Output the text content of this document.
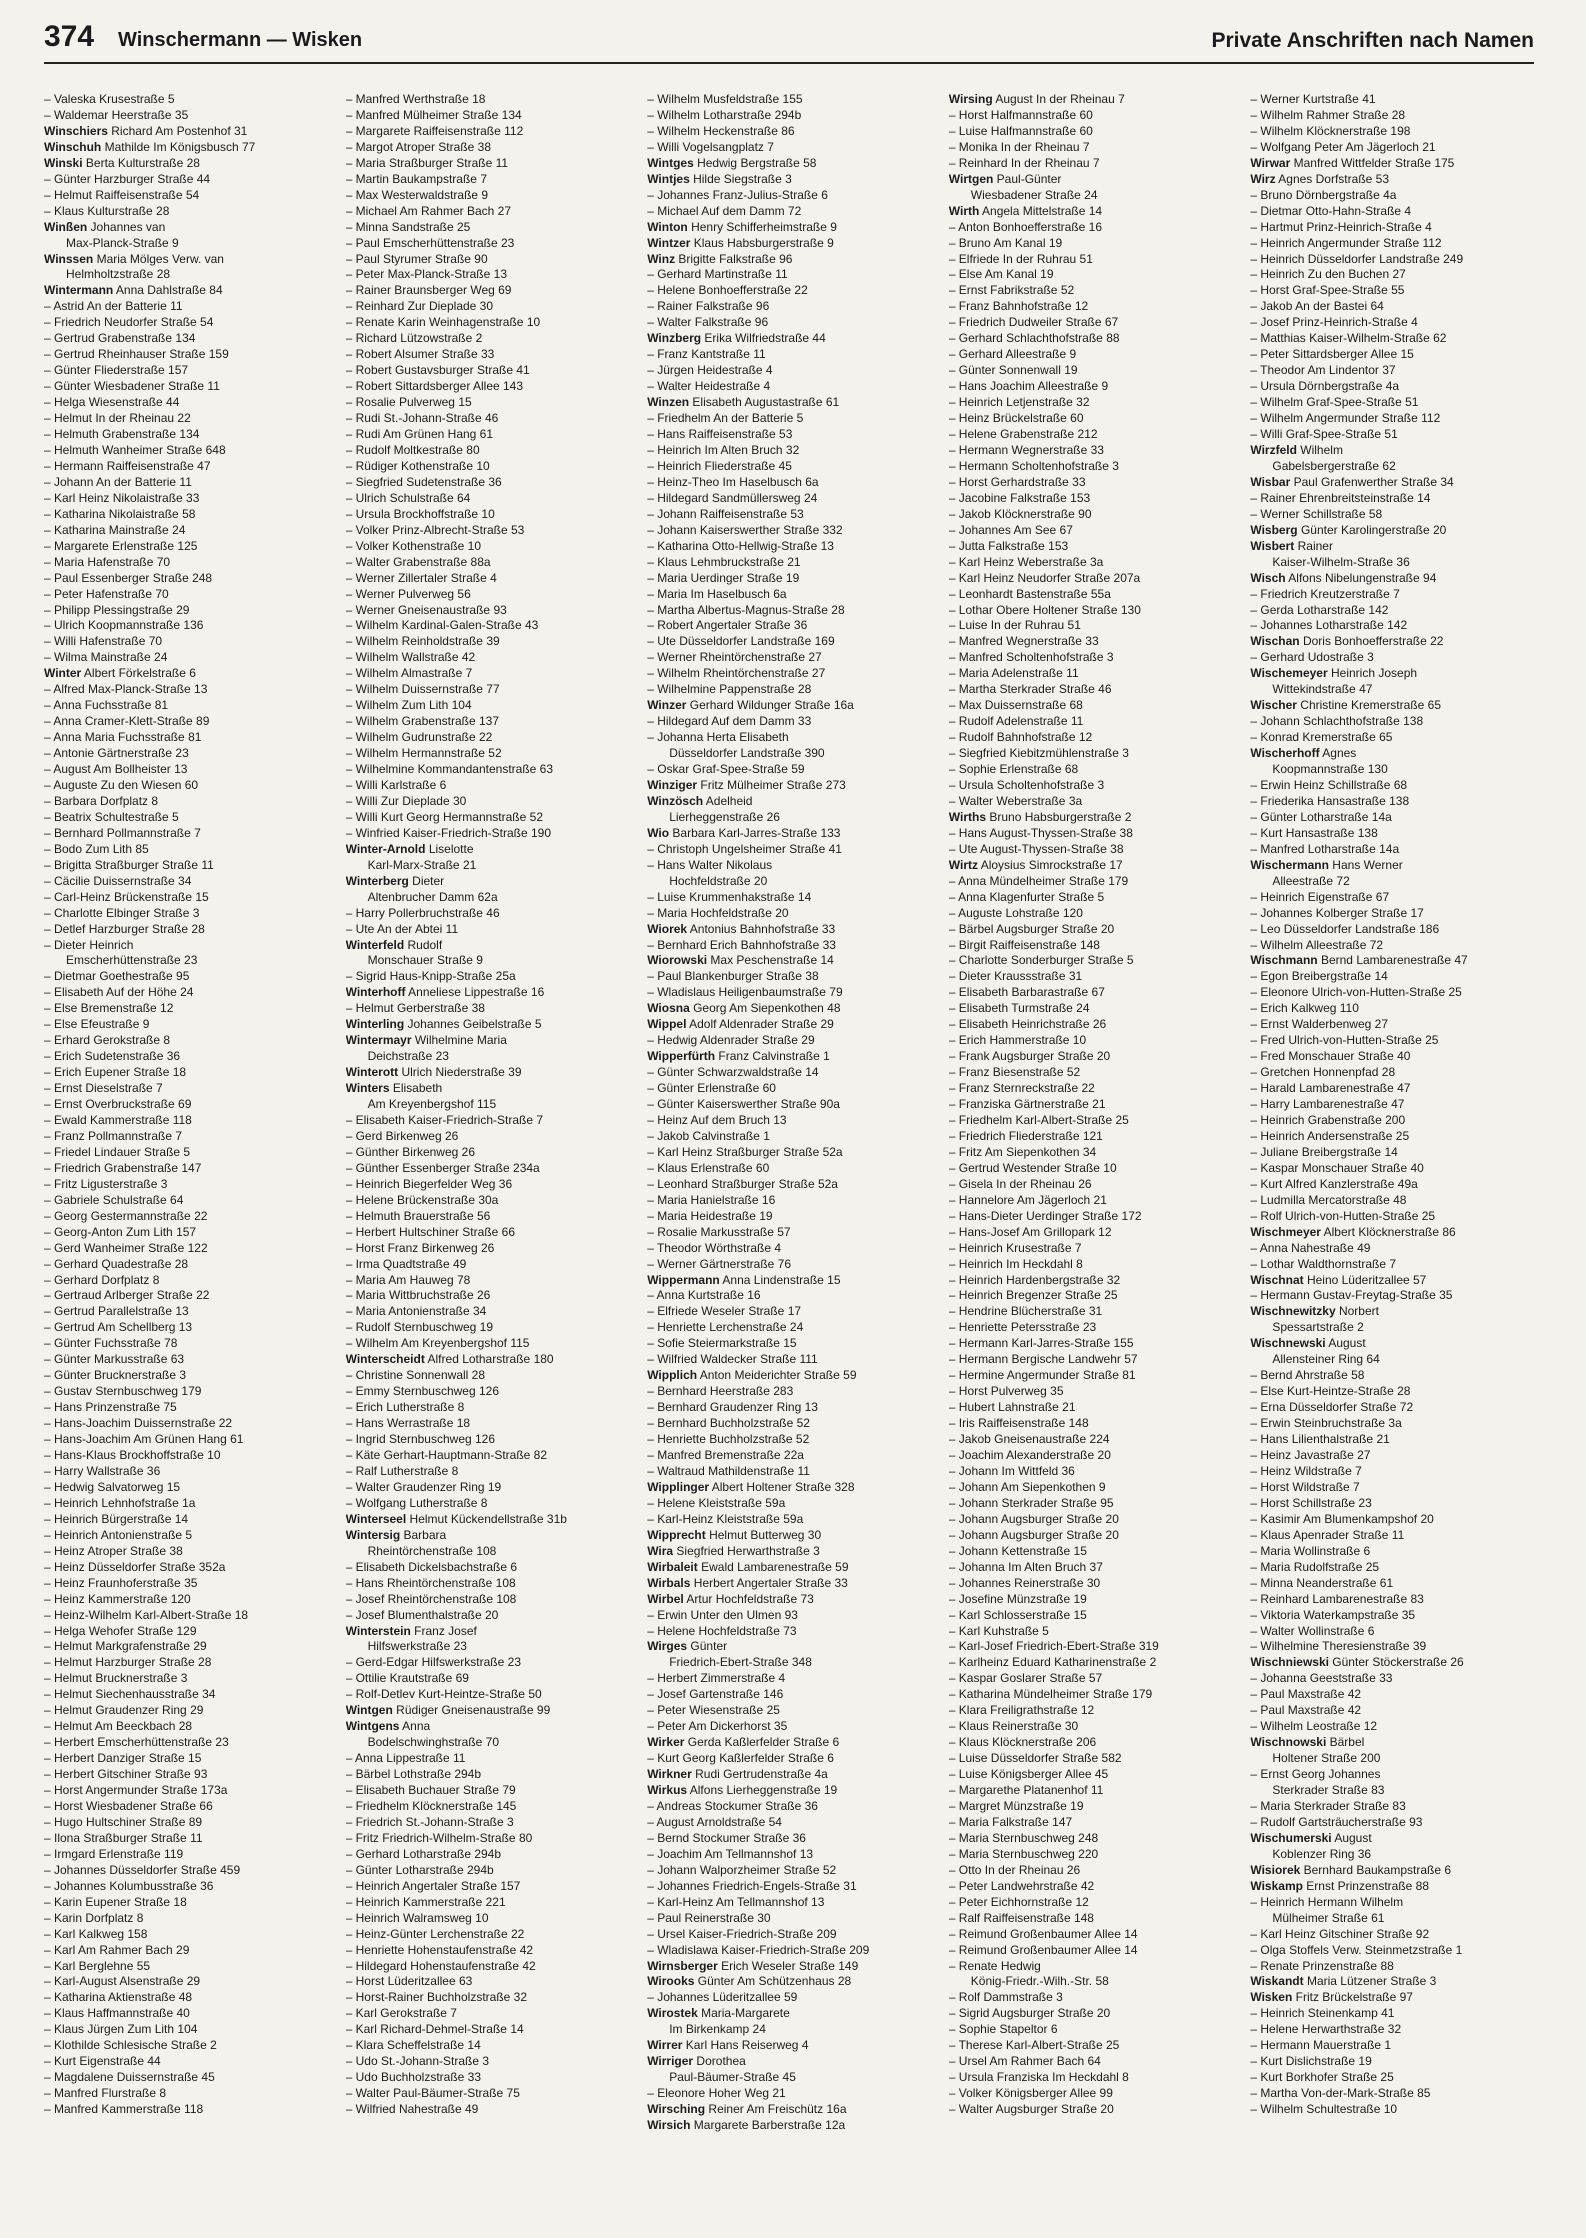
374 Winschermann — Wisken	Private Anschriften nach Namen
– Valeska Krusestraße 5
– Waldemar Heerstraße 35
Winschiers Richard Am Postenhof 31
Winschuh Mathilde Im Königsbusch 77
Winski Berta Kulturstraße 28
– Günter Harzburger Straße 44
– Helmut Raiffeisenstraße 54
– Klaus Kulturstraße 28
Winßen Johannes van
Max-Planck-Straße 9
Winssen Maria Mölges Verw. van
Helmholtzstraße 28
Wintermann Anna Dahlstraße 84
– Astrid An der Batterie 11
– Friedrich Neudorfer Straße 54
– Gertrud Grabenstraße 134
– Gertrud Rheinhauser Straße 159
– Günter Fliederstraße 157
– Günter Wiesbadener Straße 11
– Helga Wiesenstraße 44
– Helmut In der Rheinau 22
– Helmuth Grabenstraße 134
– Helmuth Wanheimer Straße 648
– Hermann Raiffeisenstraße 47
– Johann An der Batterie 11
– Karl Heinz Nikolaistraße 33
– Katharina Nikolaistraße 58
– Katharina Mainstraße 24
– Margarete Erlenstraße 125
– Maria Hafenstraße 70
– Paul Essenberger Straße 248
– Peter Hafenstraße 70
– Philipp Plessingstraße 29
– Ulrich Koopmannstraße 136
– Willi Hafenstraße 70
– Wilma Mainstraße 24
Winter Albert Förkelstraße 6
– Alfred Max-Planck-Straße 13
– Anna Fuchsstraße 81
– Anna Cramer-Klett-Straße 89
– Anna Maria Fuchsstraße 81
– Antonie Gärtnerstraße 23
– August Am Bollheister 13
– Auguste Zu den Wiesen 60
– Barbara Dorfplatz 8
– Beatrix Schultestraße 5
– Bernhard Pollmannstraße 7
– Bodo Zum Lith 85
– Brigitta Straßburger Straße 11
– Cäcilie Duissernstraße 34
– Carl-Heinz Brückenstraße 15
– Charlotte Elbinger Straße 3
– Detlef Harzburger Straße 28
– Dieter Heinrich
Emscherhüttenstraße 23
– Dietmar Goethestraße 95
– Elisabeth Auf der Höhe 24
– Else Bremenstraße 12
– Else Efeustraße 9
– Erhard Gerokstraße 8
– Erich Sudetenstraße 36
– Erich Eupener Straße 18
– Ernst Dieselstraße 7
– Ernst Overbruckstraße 69
– Ewald Kammerstraße 118
– Franz Pollmannstraße 7
– Friedel Lindauer Straße 5
– Friedrich Grabenstraße 147
– Fritz Ligusterstraße 3
– Gabriele Schulstraße 64
– Georg Gestermannstraße 22
– Georg-Anton Zum Lith 157
– Gerd Wanheimer Straße 122
– Gerhard Quadestraße 28
– Gerhard Dorfplatz 8
– Gertraud Arlberger Straße 22
– Gertrud Parallelstraße 13
– Gertrud Am Schellberg 13
– Günter Fuchsstraße 78
– Günter Markusstraße 63
– Günter Brucknerstraße 3
– Gustav Sternbuschweg 179
– Hans Prinzenstraße 75
– Hans-Joachim Duissernstraße 22
– Hans-Joachim Am Grünen Hang 61
– Hans-Klaus Brockhoffstraße 10
– Harry Wallstraße 36
– Hedwig Salvatorweg 15
– Heinrich Lehnhofstraße 1a
– Heinrich Bürgerstraße 14
– Heinrich Antonienstraße 5
– Heinz Atroper Straße 38
– Heinz Düsseldorfer Straße 352a
– Heinz Fraunhoferstraße 35
– Heinz Kammerstraße 120
– Heinz-Wilhelm Karl-Albert-Straße 18
– Helga Wehofer Straße 129
– Helmut Markgrafenstraße 29
– Helmut Harzburger Straße 28
– Helmut Brucknerstraße 3
– Helmut Siechenhausstraße 34
– Helmut Graudenzer Ring 29
– Helmut Am Beeckbach 28
– Herbert Emscherhüttenstraße 23
– Herbert Danziger Straße 15
– Herbert Gitschiner Straße 93
– Horst Angermunder Straße 173a
– Horst Wiesbadener Straße 66
– Hugo Hultschiner Straße 89
– Ilona Straßburger Straße 11
– Irmgard Erlenstraße 119
– Johannes Düsseldorfer Straße 459
– Johannes Kolumbusstraße 36
– Karin Eupener Straße 18
– Karin Dorfplatz 8
– Karl Kalkweg 158
– Karl Am Rahmer Bach 29
– Karl Berglehne 55
– Karl-August Alsenstraße 29
– Katharina Aktienstraße 48
– Klaus Haffmannstraße 40
– Klaus Jürgen Zum Lith 104
– Klothilde Schlesische Straße 2
– Kurt Eigenstraße 44
– Magdalene Duissernstraße 45
– Manfred Flurstraße 8
– Manfred Kammerstraße 118
– Manfred Werthstraße 18
– Manfred Mülheimer Straße 134
– Margarete Raiffeisenstraße 112
– Margot Atroper Straße 38
– Maria Straßburger Straße 11
– Martin Baukampstraße 7
– Max Westerwaldstraße 9
– Michael Am Rahmer Bach 27
– Minna Sandstraße 25
– Paul Emscherhüttenstraße 23
– Paul Styrumer Straße 90
– Peter Max-Planck-Straße 13
– Rainer Braunsberger Weg 69
– Reinhard Zur Dieplade 30
– Renate Karin Weinhagenstraße 10
– Richard Lützowstraße 2
– Robert Alsumer Straße 33
– Robert Gustavsburger Straße 41
– Robert Sittardsberger Allee 143
– Rosalie Pulverweg 15
– Rudi St.-Johann-Straße 46
– Rudi Am Grünen Hang 61
– Rudolf Moltkestraße 80
– Rüdiger Kothenstraße 10
– Siegfried Sudetenstraße 36
– Ulrich Schulstraße 64
– Ursula Brockhoffstraße 10
– Volker Prinz-Albrecht-Straße 53
– Volker Kothenstraße 10
– Walter Grabenstraße 88a
– Werner Zillertaler Straße 4
– Werner Pulverweg 56
– Werner Gneisenaustraße 93
– Wilhelm Kardinal-Galen-Straße 43
– Wilhelm Reinholdstraße 39
– Wilhelm Wallstraße 42
– Wilhelm Almastraße 7
– Wilhelm Duissernstraße 77
– Wilhelm Zum Lith 104
– Wilhelm Grabenstraße 137
– Wilhelm Gudrunstraße 22
– Wilhelm Hermannstraße 52
– Wilhelmine Kommandantenstraße 63
– Willi Karlstraße 6
– Willi Zur Dieplade 30
– Willi Kurt Georg Hermannstraße 52
– Winfried Kaiser-Friedrich-Straße 190
Winter-Arnold Liselotte
Karl-Marx-Straße 21
Winterberg Dieter
Altenbrucher Damm 62a
– Harry Pollerbruchstraße 46
– Ute An der Abtei 11
Winterfeld Rudolf
Monschauer Straße 9
– Sigrid Haus-Knipp-Straße 25a
Winterhoff Anneliese Lippestraße 16
– Helmut Gerberstraße 38
Winterling Johannes Geibelstraße 5
Wintermayr Wilhelmine Maria
Deichstraße 23
Winterott Ulrich Niederstraße 39
Winters Elisabeth
Am Kreyenbergshof 115
– Elisabeth Kaiser-Friedrich-Straße 7
– Gerd Birkenweg 26
– Günther Birkenweg 26
– Günther Essenberger Straße 234a
– Heinrich Biegerfelder Weg 36
– Helene Brückenstraße 30a
– Helmuth Brauerstraße 56
– Herbert Hultschiner Straße 66
– Horst Franz Birkenweg 26
– Irma Quadtstraße 49
– Maria Am Hauweg 78
– Maria Wittbruchstraße 26
– Maria Antonienstraße 34
– Rudolf Sternbuschweg 19
– Wilhelm Am Kreyenbergshof 115
Winterscheidt Alfred Lotharstraße 180
– Christine Sonnenwall 28
– Emmy Sternbuschweg 126
– Erich Lutherstraße 8
– Hans Werrastraße 18
– Ingrid Sternbuschweg 126
– Käte Gerhart-Hauptmann-Straße 82
– Ralf Lutherstraße 8
– Walter Graudenzer Ring 19
– Wolfgang Lutherstraße 8
Winterseel Helmut Kückendellstraße 31b
Wintersig Barbara
Rheintörchenstraße 108
– Elisabeth Dickelsbachstraße 6
– Hans Rheintörchenstraße 108
– Josef Rheintörchenstraße 108
– Josef Blumenthalstraße 20
Winterstein Franz Josef
Hilfswerkstraße 23
– Gerd-Edgar Hilfswerkstraße 23
– Ottilie Krautstraße 69
– Rolf-Detlev Kurt-Heintze-Straße 50
Wintgen Rüdiger Gneisenaustraße 99
Wintgens Anna
Bodelschwinghstraße 70
– Anna Lippestraße 11
– Bärbel Lothstraße 294b
– Elisabeth Buchauer Straße 79
– Friedhelm Klöcknerstraße 145
– Friedrich St.-Johann-Straße 3
– Fritz Friedrich-Wilhelm-Straße 80
– Gerhard Lotharstraße 294b
– Günter Lotharstraße 294b
– Heinrich Angertaler Straße 157
– Heinrich Kammerstraße 221
– Heinrich Walramsweg 10
– Heinz-Günter Lerchenstraße 22
– Henriette Hohenstaufenstraße 42
– Hildegard Hohenstaufenstraße 42
– Horst Lüderitzallee 63
– Horst-Rainer Buchholzstraße 32
– Karl Gerokstraße 7
– Karl Richard-Dehmel-Straße 14
– Klara Scheffelstraße 14
– Udo St.-Johann-Straße 3
– Udo Buchholzstraße 33
– Walter Paul-Bäumer-Straße 75
– Wilfried Nahestraße 49
– Wilhelm Musfeldstraße 155
– Wilhelm Lotharstraße 294b
– Wilhelm Heckenstraße 86
– Willi Vogelsangplatz 7
Wintges Hedwig Bergstraße 58
Wintjes Hilde Siegstraße 3
– Johannes Franz-Julius-Straße 6
– Michael Auf dem Damm 72
Winton Henry Schifferheimstraße 9
Wintzer Klaus Habsburgerstraße 9
Winz Brigitte Falkstraße 96
– Gerhard Martinstraße 11
– Helene Bonhoefferstraße 22
– Rainer Falkstraße 96
– Walter Falkstraße 96
Winzberg Erika Wilfriedstraße 44
– Franz Kantstraße 11
– Jürgen Heidestraße 4
– Walter Heidestraße 4
Winzen Elisabeth Augustastraße 61
– Friedhelm An der Batterie 5
– Hans Raiffeisenstraße 53
– Heinrich Im Alten Bruch 32
– Heinrich Fliederstraße 45
– Heinz-Theo Im Haselbusch 6a
– Hildegard Sandmüllersweg 24
– Johann Raiffeisenstraße 53
– Johann Kaiserswerther Straße 332
– Katharina Otto-Hellwig-Straße 13
– Klaus Lehmbruckstraße 21
– Maria Uerdinger Straße 19
– Maria Im Haselbusch 6a
– Martha Albertus-Magnus-Straße 28
– Robert Angertaler Straße 36
– Ute Düsseldorfer Landstraße 169
– Werner Rheintörchenstraße 27
– Wilhelm Rheintörchenstraße 27
– Wilhelmine Pappenstraße 28
Winzer Gerhard Wildunger Straße 16a
– Hildegard Auf dem Damm 33
– Johanna Herta Elisabeth
Düsseldorfer Landstraße 390
– Oskar Graf-Spee-Straße 59
Winziger Fritz Mülheimer Straße 273
Winzösch Adelheid
Lierheggenstraße 26
Wio Barbara Karl-Jarres-Straße 133
– Christoph Ungelsheimer Straße 41
– Hans Walter Nikolaus
Hochfeldstraße 20
– Luise Krummenhakstraße 14
– Maria Hochfeldstraße 20
Wiorek Antonius Bahnhofstraße 33
– Bernhard Erich Bahnhofstraße 33
Wiorowski Max Peschenstraße 14
– Paul Blankenburger Straße 38
– Wladislaus Heiligenbaumstraße 79
Wiosna Georg Am Siepenkothen 48
Wippel Adolf Aldenrader Straße 29
– Hedwig Aldenrader Straße 29
Wipperfürth Franz Calvinstraße 1
– Günter Schwarzwaldstraße 14
– Günter Erlenstraße 60
– Günter Kaiserswerther Straße 90a
– Heinz Auf dem Bruch 13
– Jakob Calvinstraße 1
– Karl Heinz Straßburger Straße 52a
– Klaus Erlenstraße 60
– Leonhard Straßburger Straße 52a
– Maria Hanielstraße 16
– Maria Heidestraße 19
– Rosalie Markusstraße 57
– Theodor Wörthstraße 4
– Werner Gärtnerstraße 76
Wippermann Anna Lindenstraße 15
– Anna Kurtstraße 16
– Elfriede Weseler Straße 17
– Henriette Lerchenstraße 24
– Sofie Steiermarkstraße 15
– Wilfried Waldecker Straße 111
Wipplich Anton Meiderichter Straße 59
– Bernhard Heerstraße 283
– Bernhard Graudenzer Ring 13
– Bernhard Buchholzstraße 52
– Henriette Buchholzstraße 52
– Manfred Bremenstraße 22a
– Waltraud Mathildenstraße 11
Wipplinger Albert Holtener Straße 328
– Helene Kleiststraße 59a
– Karl-Heinz Kleiststraße 59a
Wipprecht Helmut Butterweg 30
Wira Siegfried Herwarthstraße 3
Wirbaleit Ewald Lambarenestraße 59
Wirbals Herbert Angertaler Straße 33
Wirbel Artur Hochfeldstraße 73
– Erwin Unter den Ulmen 93
– Helene Hochfeldstraße 73
Wirges Günter
Friedrich-Ebert-Straße 348
– Herbert Zimmerstraße 4
– Josef Gartenstraße 146
– Peter Wiesenstraße 25
– Peter Am Dickerhorst 35
Wirker Gerda Kaßlerfelder Straße 6
– Kurt Georg Kaßlerfelder Straße 6
Wirkner Rudi Gertrudenstraße 4a
Wirkus Alfons Lierheggenstraße 19
– Andreas Stockumer Straße 36
– August Arnoldstraße 54
– Bernd Stockumer Straße 36
– Joachim Am Tellmannshof 13
– Johann Walporzheimer Straße 52
– Johannes Friedrich-Engels-Straße 31
– Karl-Heinz Am Tellmannshof 13
– Paul Reinerstraße 30
– Ursel Kaiser-Friedrich-Straße 209
– Wladislawa Kaiser-Friedrich-Straße 209
Wirnsberger Erich Weseler Straße 149
Wirooks Günter Am Schützenhaus 28
– Johannes Lüderitzallee 59
Wirostek Maria-Margarete
Im Birkenkamp 24
Wirrer Karl Hans Reiserweg 4
Wirriger Dorothea
Paul-Bäumer-Straße 45
– Eleonore Hoher Weg 21
Wirsching Reiner Am Freischütz 16a
Wirsich Margarete Barberstraße 12a
Wirsing August In der Rheinau 7
– Horst Halfmannstraße 60
– Luise Halfmannstraße 60
– Monika In der Rheinau 7
– Reinhard In der Rheinau 7
Wirtgen Paul-Günter
Wiesbadener Straße 24
Wirth Angela Mittelstraße 14
– Anton Bonhoefferstraße 16
– Bruno Am Kanal 19
– Elfriede In der Ruhrau 51
– Else Am Kanal 19
– Ernst Fabrikstraße 52
– Franz Bahnhofstraße 12
– Friedrich Dudweiler Straße 67
– Gerhard Schlachthofstraße 88
– Gerhard Alleestraße 9
– Günter Sonnenwall 19
– Hans Joachim Alleestraße 9
– Heinrich Letjenstraße 32
– Heinz Brückelstraße 60
– Helene Grabenstraße 212
– Hermann Wegnerstraße 33
– Hermann Scholtenhofstraße 3
– Horst Gerhardstraße 33
– Jacobine Falkstraße 153
– Jakob Klöcknerstraße 90
– Johannes Am See 67
– Jutta Falkstraße 153
– Karl Heinz Weberstraße 3a
– Karl Heinz Neudorfer Straße 207a
– Leonhardt Bastenstraße 55a
– Lothar Obere Holtener Straße 130
– Luise In der Ruhrau 51
– Manfred Wegnerstraße 33
– Manfred Scholtenhofstraße 3
– Maria Adelenstraße 11
– Martha Sterkrader Straße 46
– Max Duissernstraße 68
– Rudolf Adelenstraße 11
– Rudolf Bahnhofstraße 12
– Siegfried Kiebitzmühlenstraße 3
– Sophie Erlenstraße 68
– Ursula Scholtenhofstraße 3
– Walter Weberstraße 3a
Wirths Bruno Habsburgerstraße 2
– Hans August-Thyssen-Straße 38
– Ute August-Thyssen-Straße 38
Wirtz Aloysius Simrockstraße 17
– Anna Mündelheimer Straße 179
– Anna Klagenfurter Straße 5
– Auguste Lohstraße 120
– Bärbel Augsburger Straße 20
– Birgit Raiffeisenstraße 148
– Charlotte Sonderburger Straße 5
– Dieter Kraussstraße 31
– Elisabeth Barbarastraße 67
– Elisabeth Turmstraße 24
– Elisabeth Heinrichstraße 26
– Erich Hammerstraße 10
– Frank Augsburger Straße 20
– Franz Biesenstraße 52
– Franz Sternreckstraße 22
– Franziska Gärtnerstraße 21
– Friedhelm Karl-Albert-Straße 25
– Friedrich Fliederstraße 121
– Fritz Am Siepenkothen 34
– Gertrud Westender Straße 10
– Gisela In der Rheinau 26
– Hannelore Am Jägerloch 21
– Hans-Dieter Uerdinger Straße 172
– Hans-Josef Am Grillopark 12
– Heinrich Krusestraße 7
– Heinrich Im Heckdahl 8
– Heinrich Hardenbergstraße 32
– Heinrich Bregenzer Straße 25
– Hendrine Blücherstraße 31
– Henriette Petersstraße 23
– Hermann Karl-Jarres-Straße 155
– Hermann Bergische Landwehr 57
– Hermine Angermunder Straße 81
– Horst Pulverweg 35
– Hubert Lahnstraße 21
– Iris Raiffeisenstraße 148
– Jakob Gneisenaustraße 224
– Joachim Alexanderstraße 20
– Johann Im Wittfeld 36
– Johann Am Siepenkothen 9
– Johann Sterkrader Straße 95
– Johann Augsburger Straße 20
– Johann Augsburger Straße 20
– Johann Kettenstraße 15
– Johanna Im Alten Bruch 37
– Johannes Reinerstraße 30
– Josefine Münzstraße 19
– Karl Schlosserstraße 15
– Karl Kuhstraße 5
– Karl-Josef Friedrich-Ebert-Straße 319
– Karlheinz Eduard Katharinenstraße 2
– Kaspar Goslarer Straße 57
– Katharina Mündelheimer Straße 179
– Klara Freiligrathstraße 12
– Klaus Reinerstraße 30
– Klaus Klöcknerstraße 206
– Luise Düsseldorfer Straße 582
– Luise Königsberger Allee 45
– Margarethe Platanenhof 11
– Margret Münzstraße 19
– Maria Falkstraße 147
– Maria Sternbuschweg 248
– Maria Sternbuschweg 220
– Otto In der Rheinau 26
– Peter Landwehrstraße 42
– Peter Eichhornstraße 12
– Ralf Raiffeisenstraße 148
– Reimund Großenbaumer Allee 14
– Reimund Großenbaumer Allee 14
– Renate Hedwig
König-Friedr.-Wilh.-Str. 58
– Rolf Dammstraße 3
– Sigrid Augsburger Straße 20
– Sophie Stapeltor 6
– Therese Karl-Albert-Straße 25
– Ursel Am Rahmer Bach 64
– Ursula Franziska Im Heckdahl 8
– Volker Königsberger Allee 99
– Walter Augsburger Straße 20
– Werner Kurtstraße 41
– Wilhelm Rahmer Straße 28
– Wilhelm Klöcknerstraße 198
– Wolfgang Peter Am Jägerloch 21
Wirwar Manfred Wittfelder Straße 175
Wirz Agnes Dorfstraße 53
– Bruno Dörnbergstraße 4a
– Dietmar Otto-Hahn-Straße 4
– Hartmut Prinz-Heinrich-Straße 4
– Heinrich Angermunder Straße 112
– Heinrich Düsseldorfer Landstraße 249
– Heinrich Zu den Buchen 27
– Horst Graf-Spee-Straße 55
– Jakob An der Bastei 64
– Josef Prinz-Heinrich-Straße 4
– Matthias Kaiser-Wilhelm-Straße 62
– Peter Sittardsberger Allee 15
– Theodor Am Lindentor 37
– Ursula Dörnbergstraße 4a
– Wilhelm Graf-Spee-Straße 51
– Wilhelm Angermunder Straße 112
– Willi Graf-Spee-Straße 51
Wirzfeld Wilhelm
Gabelsbergerstraße 62
Wisbar Paul Grafenwerther Straße 34
– Rainer Ehrenbreitsteinstraße 14
– Werner Schillstraße 58
Wisberg Günter Karolingerstraße 20
Wisbert Rainer
Kaiser-Wilhelm-Straße 36
Wisch Alfons Nibelungenstraße 94
– Friedrich Kreutzerstraße 7
– Gerda Lotharstraße 142
– Johannes Lotharstraße 142
Wischan Doris Bonhoefferstraße 22
– Gerhard Udostraße 3
Wischemeyer Heinrich Joseph
Wittekindstraße 47
Wischer Christine Kremerstraße 65
– Johann Schlachthofstraße 138
– Konrad Kremerstraße 65
Wischerhoff Agnes
Koopmannstraße 130
– Erwin Heinz Schillstraße 68
– Friederika Hansastraße 138
– Günter Lotharstraße 14a
– Kurt Hansastraße 138
– Manfred Lotharstraße 14a
Wischermann Hans Werner
Alleestraße 72
– Heinrich Eigenstraße 67
– Johannes Kolberger Straße 17
– Leo Düsseldorfer Landstraße 186
– Wilhelm Alleestraße 72
Wischmann Bernd Lambarenestraße 47
– Egon Breibergstraße 14
– Eleonore Ulrich-von-Hutten-Straße 25
– Erich Kalkweg 110
– Ernst Walderbenweg 27
– Fred Ulrich-von-Hutten-Straße 25
– Fred Monschauer Straße 40
– Gretchen Honnenpfad 28
– Harald Lambarenestraße 47
– Harry Lambarenestraße 47
– Heinrich Grabenstraße 200
– Heinrich Andersenstraße 25
– Juliane Breibergstraße 14
– Kaspar Monschauer Straße 40
– Kurt Alfred Kanzlerstraße 49a
– Ludmilla Mercatorstraße 48
– Rolf Ulrich-von-Hutten-Straße 25
Wischmeyer Albert Klöcknerstraße 86
– Anna Nahestraße 49
– Lothar Waldthornstraße 7
Wischnat Heino Lüderitzallee 57
– Hermann Gustav-Freytag-Straße 35
Wischnewitzky Norbert
Spessartstraße 2
Wischnewski August
Allensteiner Ring 64
– Bernd Ahrstraße 58
– Else Kurt-Heintze-Straße 28
– Erna Düsseldorfer Straße 72
– Erwin Steinbruchstraße 3a
– Hans Lilienthalstraße 21
– Heinz Javastraße 27
– Heinz Wildstraße 7
– Horst Wildstraße 7
– Horst Schillstraße 23
– Kasimir Am Blumenkampshof 20
– Klaus Apenrader Straße 11
– Maria Wollinstraße 6
– Maria Rudolfstraße 25
– Minna Neanderstraße 61
– Reinhard Lambarenestraße 83
– Viktoria Waterkampstraße 35
– Walter Wollinstraße 6
– Wilhelmine Theresienstraße 39
Wischniewski Günter Stöckerstraße 26
– Johanna Geeststraße 33
– Paul Maxstraße 42
– Paul Maxstraße 42
– Wilhelm Leostraße 12
Wischnowski Bärbel
Holtener Straße 200
– Ernst Georg Johannes
Sterkrader Straße 83
– Maria Sterkrader Straße 83
– Rudolf Gartsträucherstraße 93
Wischumerski August
Koblenzer Ring 36
Wisiorek Bernhard Baukampstraße 6
Wiskamp Ernst Prinzenstraße 88
– Heinrich Hermann Wilhelm
Mülheimer Straße 61
– Karl Heinz Gitschiner Straße 92
– Olga Stoffels Verw. Steinmetzstraße 1
– Renate Prinzenstraße 88
Wiskandt Maria Lützener Straße 3
Wisken Fritz Brückelstraße 97
– Heinrich Steinenkamp 41
– Helene Herwarthstraße 32
– Hermann Mauerstraße 1
– Kurt Dislichstraße 19
– Kurt Borkhofer Straße 25
– Martha Von-der-Mark-Straße 85
– Wilhelm Schultestraße 10
